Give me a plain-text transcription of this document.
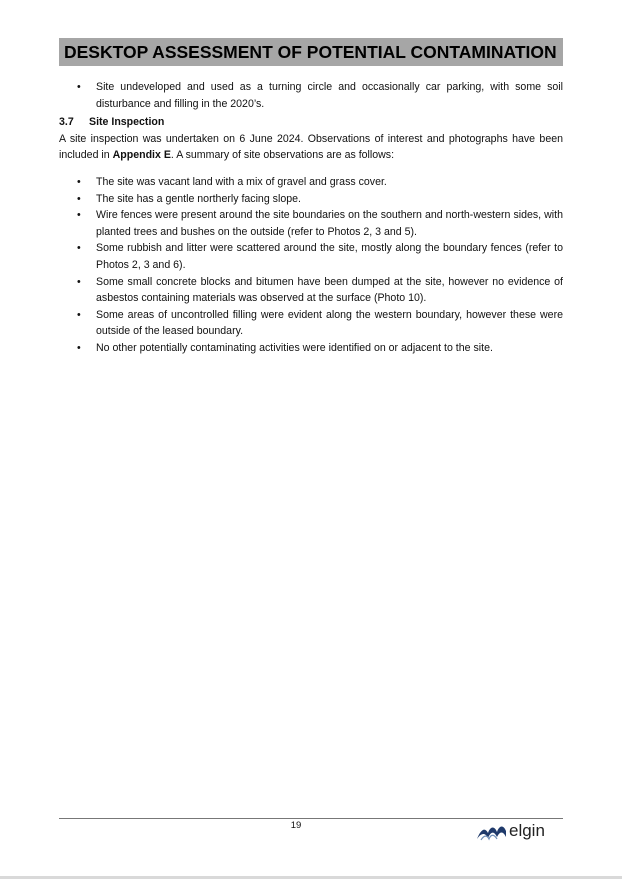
DESKTOP ASSESSMENT OF POTENTIAL CONTAMINATION
• Site undeveloped and used as a turning circle and occasionally car parking, with some soil disturbance and filling in the 2020’s.
3.7	Site Inspection

A site inspection was undertaken on 6 June 2024. Observations of interest and photographs have been included in Appendix E. A summary of site observations are as follows:

• The site was vacant land with a mix of gravel and grass cover.
• The site has a gentle northerly facing slope.
• Wire fences were present around the site boundaries on the southern and north-western sides, with planted trees and bushes on the outside (refer to Photos 2, 3 and 5).
• Some rubbish and litter were scattered around the site, mostly along the boundary fences (refer to Photos 2, 3 and 6).
• Some small concrete blocks and bitumen have been dumped at the site, however no evidence of asbestos containing materials was observed at the surface (Photo 10).
• Some areas of uncontrolled filling were evident along the western boundary, however these were outside of the leased boundary.
• No other potentially contaminating activities were identified on or adjacent to the site.
19	elgin
